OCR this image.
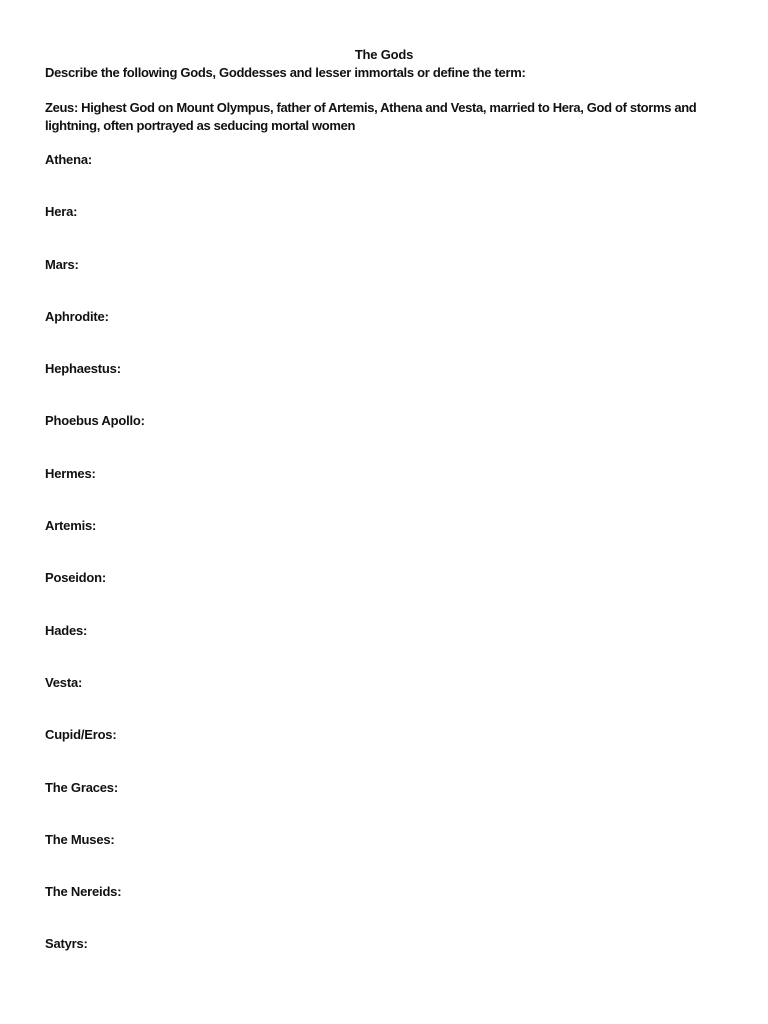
The Gods
Describe the following Gods, Goddesses and lesser immortals or define the term:
Zeus: Highest God on Mount Olympus, father of Artemis, Athena and Vesta, married to Hera, God of storms and
lightning, often portrayed as seducing mortal women
Athena:
Hera:
Mars:
Aphrodite:
Hephaestus:
Phoebus Apollo:
Hermes:
Artemis:
Poseidon:
Hades:
Vesta:
Cupid/Eros:
The Graces:
The Muses:
The Nereids:
Satyrs:
